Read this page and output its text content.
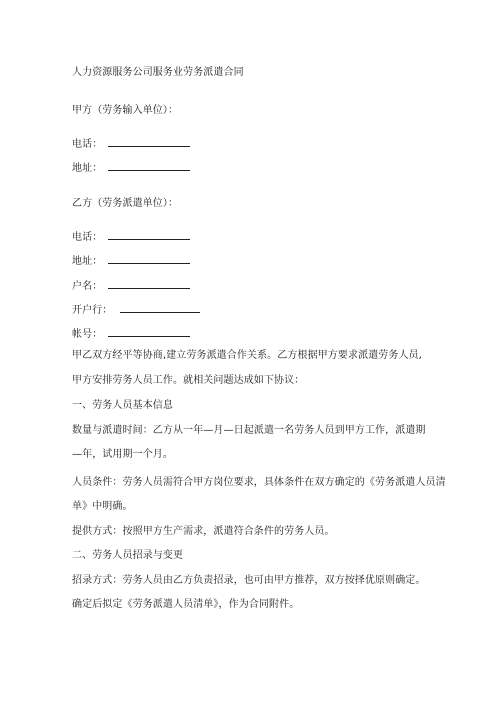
人力资源服务公司服务业劳务派遣合同
甲方（劳务输入单位）：
电话：
地址：
乙方（劳务派遣单位）：
电话：
地址：
户名：
开户行：
帐号：
甲乙双方经平等协商,建立劳务派遣合作关系。乙方根据甲方要求派遣劳务人员,
甲方安排劳务人员工作。就相关问题达成如下协议：
一、劳务人员基本信息
数量与派遣时间：乙方从一年—月—日起派遣一名劳务人员到甲方工作，派遣期
—年，试用期一个月。
人员条件：劳务人员需符合甲方岗位要求，具体条件在双方确定的《劳务派遣人员清
单》中明确。
提供方式：按照甲方生产需求，派遣符合条件的劳务人员。
二、劳务人员招录与变更
招录方式：劳务人员由乙方负责招录，也可由甲方推荐，双方按择优原则确定。
确定后拟定《劳务派遣人员清单》，作为合同附件。
